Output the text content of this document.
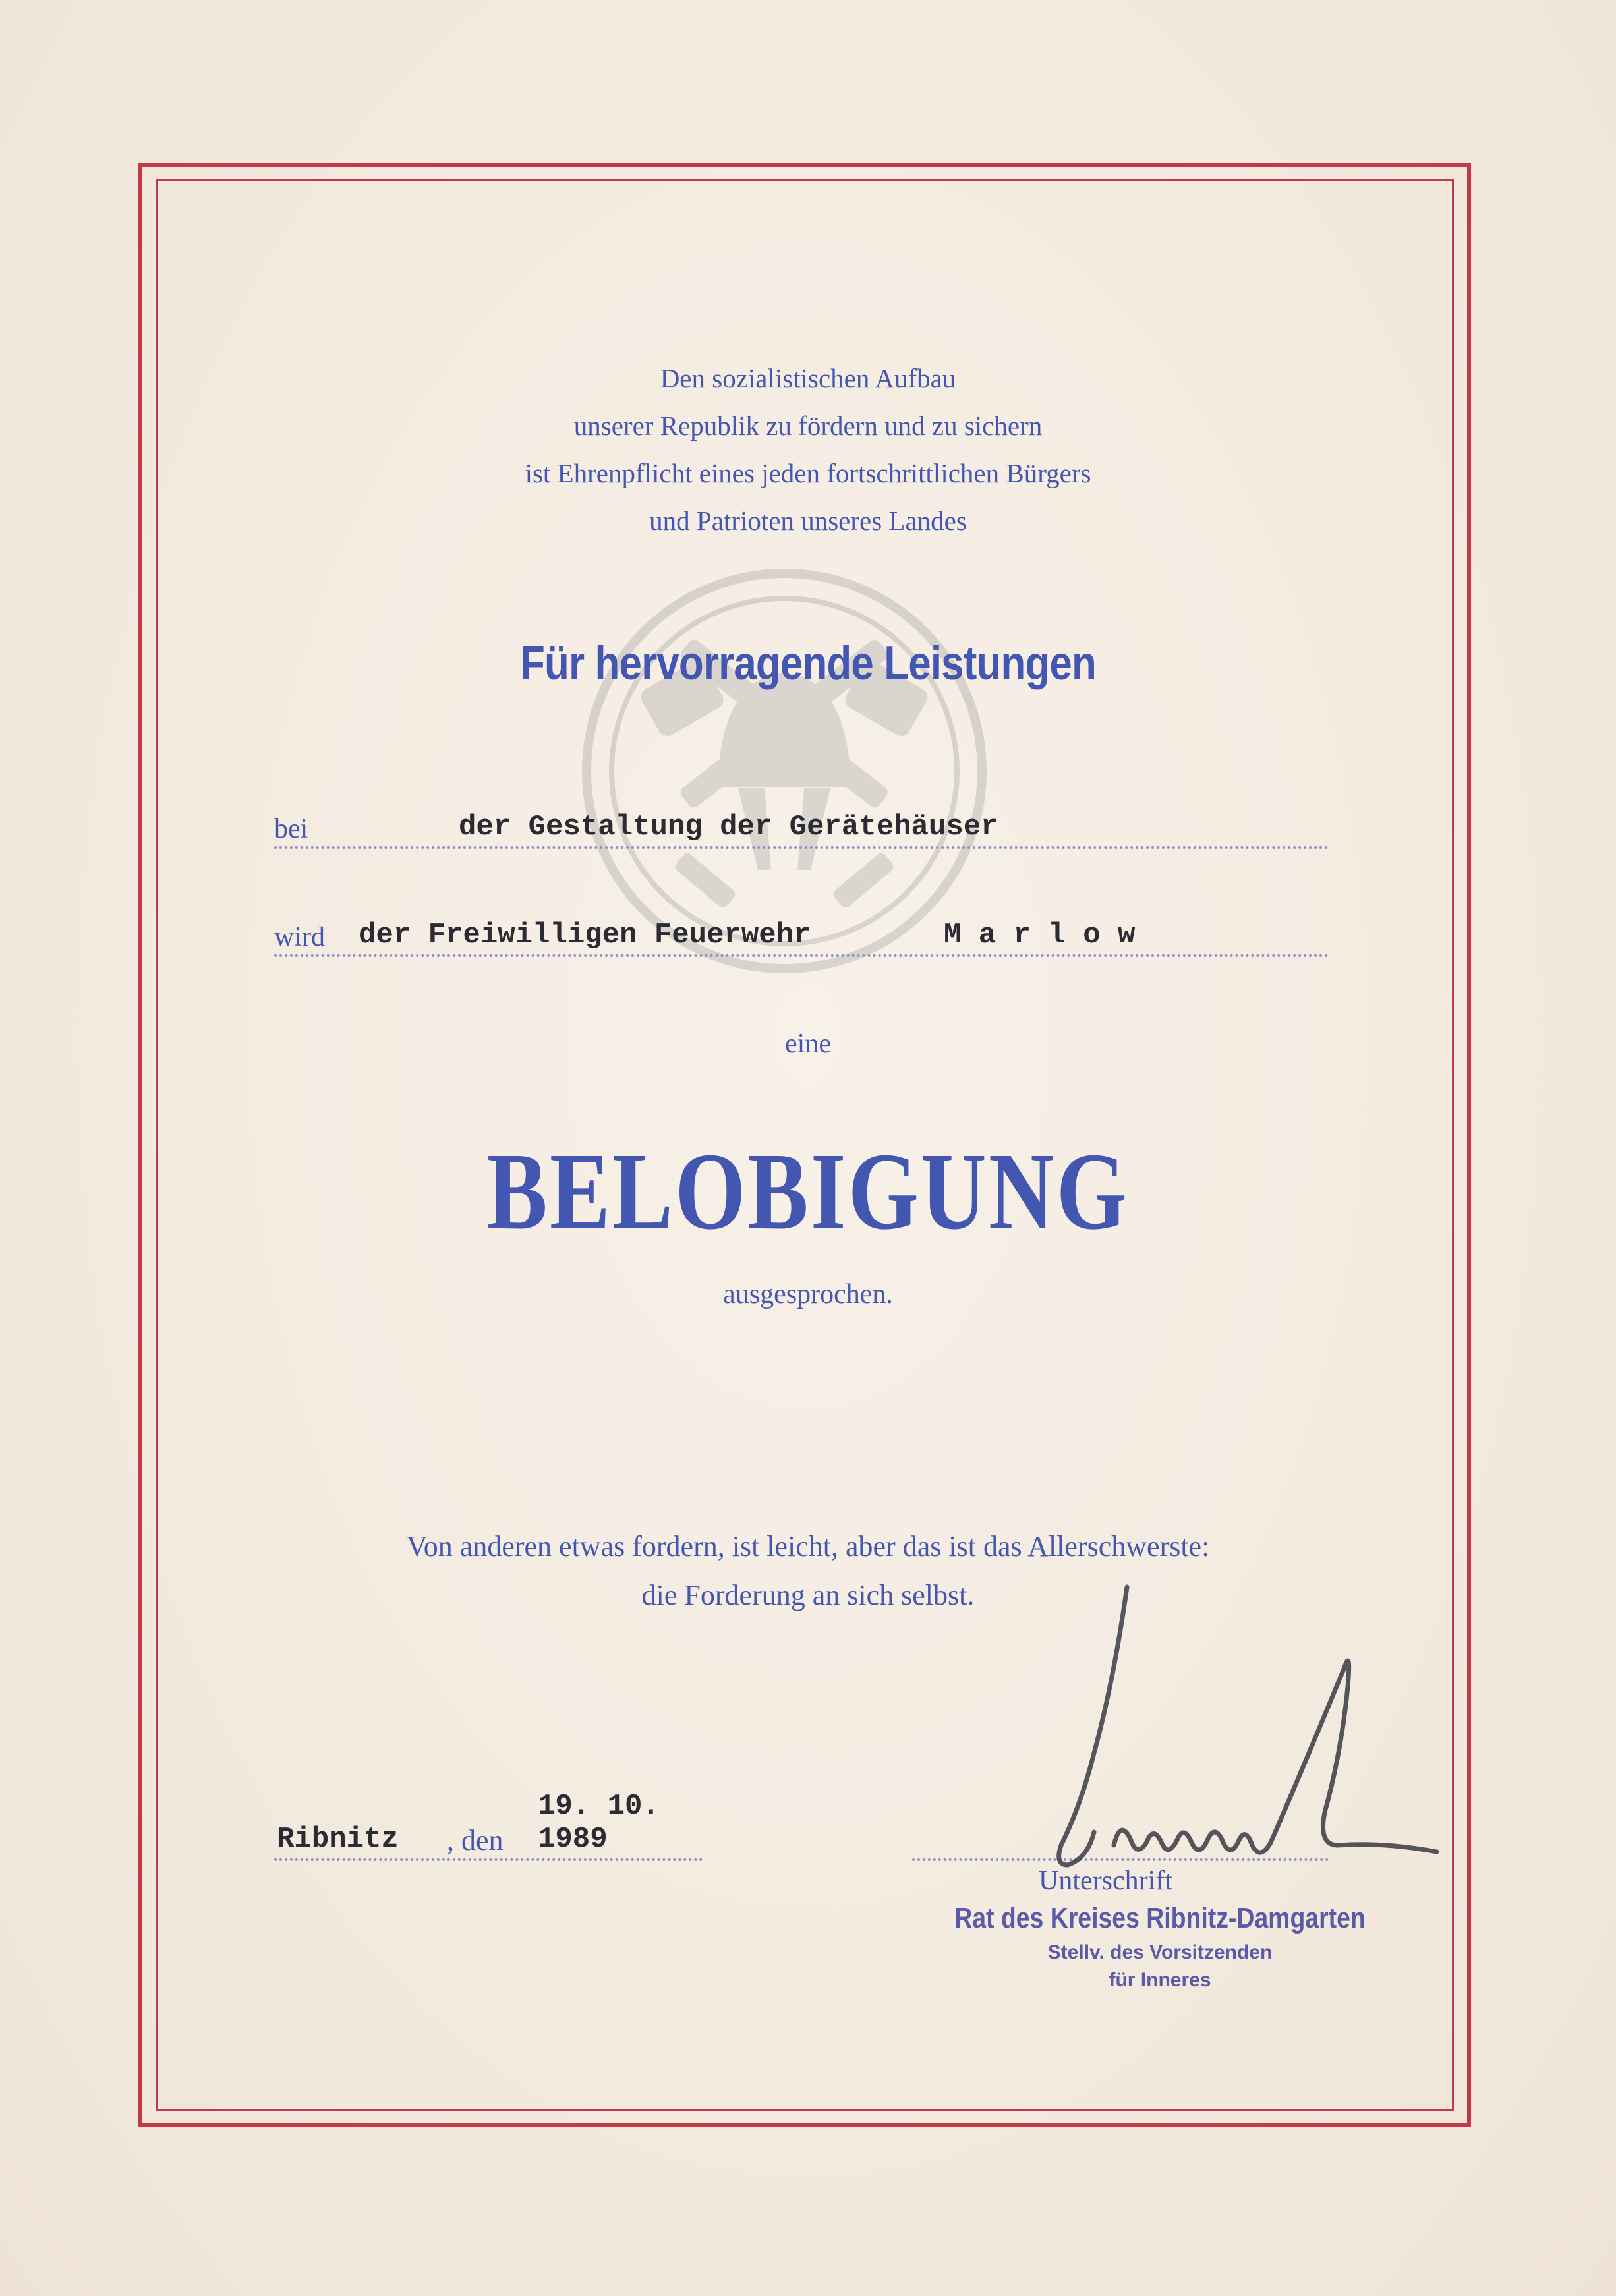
Den sozialistischen Aufbau
unserer Republik zu fördern und zu sichern
ist Ehrenpflicht eines jeden fortschrittlichen Bürgers
und Patrioten unseres Landes
Für hervorragende Leistungen
bei	der Gestaltung der Gerätehäuser
wird der Freiwilligen Feuerwehr	M a r l o w
eine
BELOBIGUNG
ausgesprochen.
Von anderen etwas fordern, ist leicht, aber das ist das Allerschwerste:
die Forderung an sich selbst.
Ribnitz , den
19. 10. 1989
Unterschrift
Rat des Kreises Ribnitz-Damgarten
Stellv. des Vorsitzenden
für Inneres
